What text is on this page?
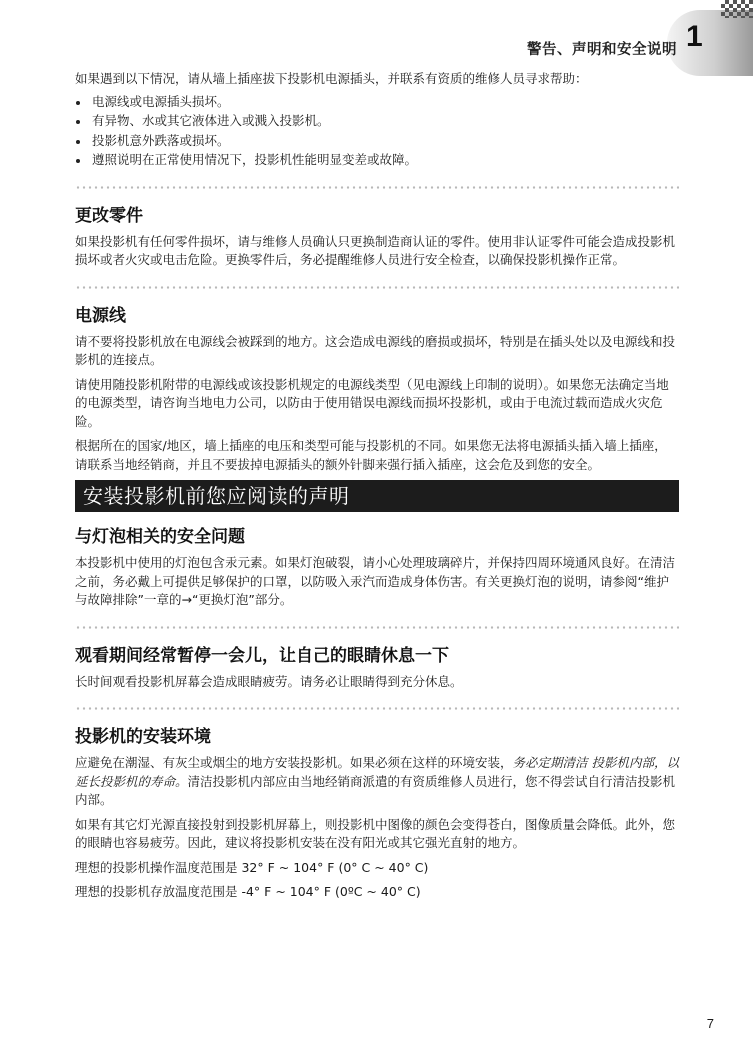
警告、声明和安全说明 1

如果遇到以下情况，请从墙上插座拔下投影机电源插头，并联系有资质的维修人员寻求帮助：

电源线或电源插头损坏。
有异物、水或其它液体进入或溅入投影机。
投影机意外跌落或损坏。
遵照说明在正常使用情况下，投影机性能明显变差或故障。
更改零件

如果投影机有任何零件损坏，请与维修人员确认只更换制造商认证的零件。使用非认证零件可能会造成投影机损坏或者火灾或电击危险。更换零件后，务必提醒维修人员进行安全检查，以确保投影机操作正常。

电源线

请不要将投影机放在电源线会被踩到的地方。这会造成电源线的磨损或损坏，特别是在插头处以及电源线和投影机的连接点。

请使用随投影机附带的电源线或该投影机规定的电源线类型（见电源线上印制的说明）。如果您无法确定当地的电源类型，请咨询当地电力公司，以防由于使用错误电源线而损坏投影机，或由于电流过载而造成火灾危险。

根据所在的国家/地区，墙上插座的电压和类型可能与投影机的不同。如果您无法将电源插头插入墙上插座，请联系当地经销商，并且不要拔掉电源插头的额外针脚来强行插入插座，这会危及到您的安全。

安装投影机前您应阅读的声明
与灯泡相关的安全问题

本投影机中使用的灯泡包含汞元素。如果灯泡破裂，请小心处理玻璃碎片，并保持四周环境通风良好。在清洁之前，务必戴上可提供足够保护的口罩，以防吸入汞汽而造成身体伤害。有关更换灯泡的说明，请参阅“维护与故障排除”一章的→“更换灯泡”部分。

观看期间经常暂停一会儿，让自己的眼睛休息一下

长时间观看投影机屏幕会造成眼睛疲劳。请务必让眼睛得到充分休息。

投影机的安装环境

应避免在潮湿、有灰尘或烟尘的地方安装投影机。如果必须在这样的环境安装，务必定期清洁 投影机内部，以延长投影机的寿命。清洁投影机内部应由当地经销商派遣的有资质维修人员进行，您不得尝试自行清洁投影机内部。

如果有其它灯光源直接投射到投影机屏幕上，则投影机中图像的颜色会变得苍白，图像质量会降低。此外，您的眼睛也容易疲劳。因此，建议将投影机安装在没有阳光或其它强光直射的地方。

理想的投影机操作温度范围是 32° F ~ 104° F (0° C ~ 40° C)

理想的投影机存放温度范围是 -4° F ~ 104° F (0ºC ~ 40° C)

7
